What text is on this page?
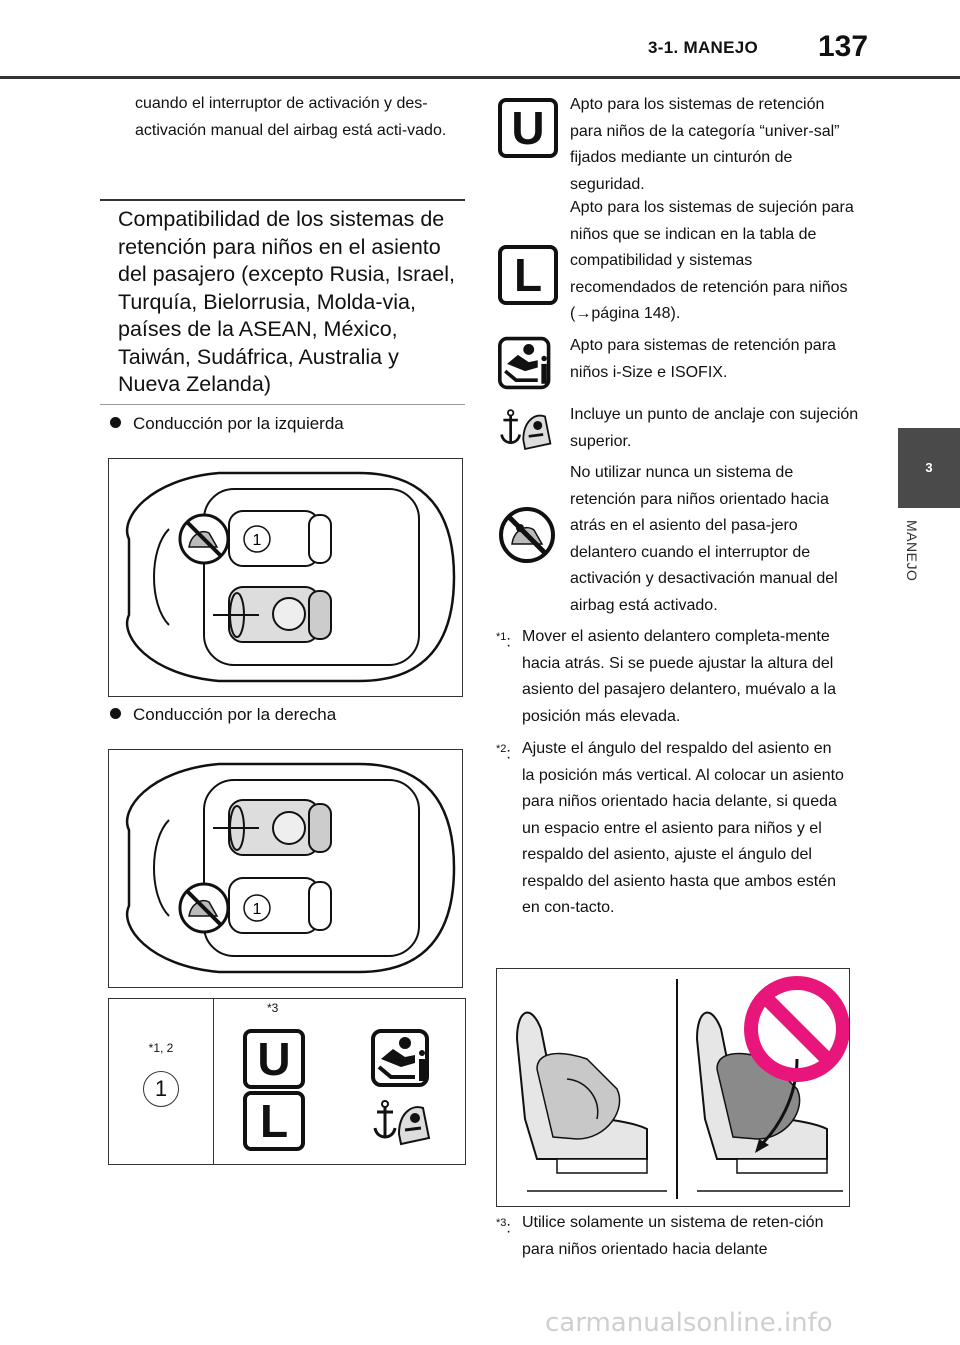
3-1. MANEJO 137
3
MANEJO
cuando el interruptor de activación y des-activación manual del airbag está acti-vado.
Compatibilidad de los sistemas de retención para niños en el asiento del pasajero (excepto Rusia, Israel, Turquía, Bielorrusia, Molda-via, países de la ASEAN, México, Taiwán, Sudáfrica, Australia y Nueva Zelanda)
Conducción por la izquierda
1
Conducción por la derecha
1
*1, 2
*3
1
U
L
U	Apto para los sistemas de retención para niños de la categoría “univer-sal” fijados mediante un cinturón de seguridad.
L
Apto para los sistemas de sujeción para niños que se indican en la tabla de compatibilidad y sistemas recomendados de retención para niños (→página 148).
Apto para sistemas de retención para niños i-Size e ISOFIX.
Incluye un punto de anclaje con sujeción superior.
No utilizar nunca un sistema de retención para niños orientado hacia atrás en el asiento del pasa-jero delantero cuando el interruptor de activación y desactivación manual del airbag está activado.
$^{*1}$: Mover el asiento delantero completa-mente hacia atrás. Si se puede ajustar la altura del asiento del pasajero delantero, muévalo a la posición más elevada.
$^{*2}$: Ajuste el ángulo del respaldo del asiento en la posición más vertical. Al colocar un asiento para niños orientado hacia delante, si queda un espacio entre el asiento para niños y el respaldo del asiento, ajuste el ángulo del respaldo del asiento hasta que ambos estén en con-tacto.
$^{*3}$: Utilice solamente un sistema de reten-ción para niños orientado hacia delante
carmanualsonline.info
